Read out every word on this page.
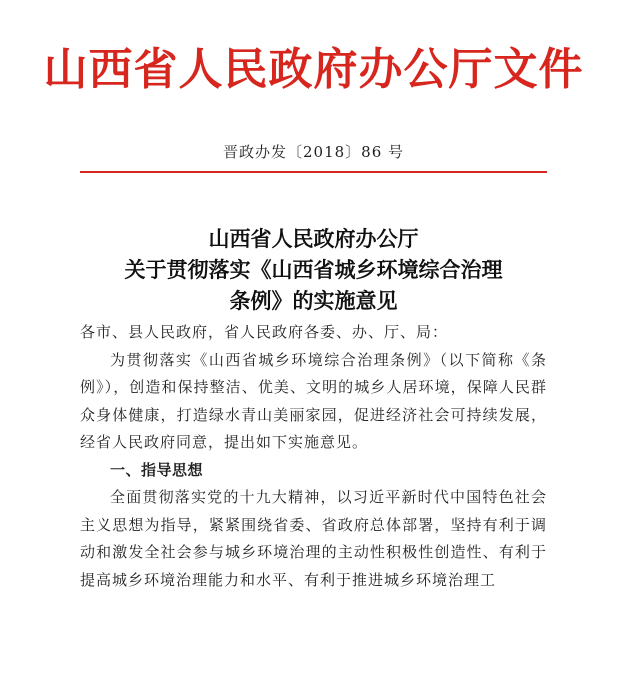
山西省人民政府办公厅文件
晋政办发〔2018〕86 号
山西省人民政府办公厅
关于贯彻落实《山西省城乡环境综合治理
条例》的实施意见

各市、县人民政府，省人民政府各委、办、厅、局：

为贯彻落实《山西省城乡环境综合治理条例》（以下简称《条例》），创造和保持整洁、优美、文明的城乡人居环境，保障人民群众身体健康，打造绿水青山美丽家园，促进经济社会可持续发展，经省人民政府同意，提出如下实施意见。

一、指导思想

全面贯彻落实党的十九大精神，以习近平新时代中国特色社会主义思想为指导，紧紧围绕省委、省政府总体部署，坚持有利于调动和激发全社会参与城乡环境治理的主动性积极性创造性、有利于提高城乡环境治理能力和水平、有利于推进城乡环境治理工
